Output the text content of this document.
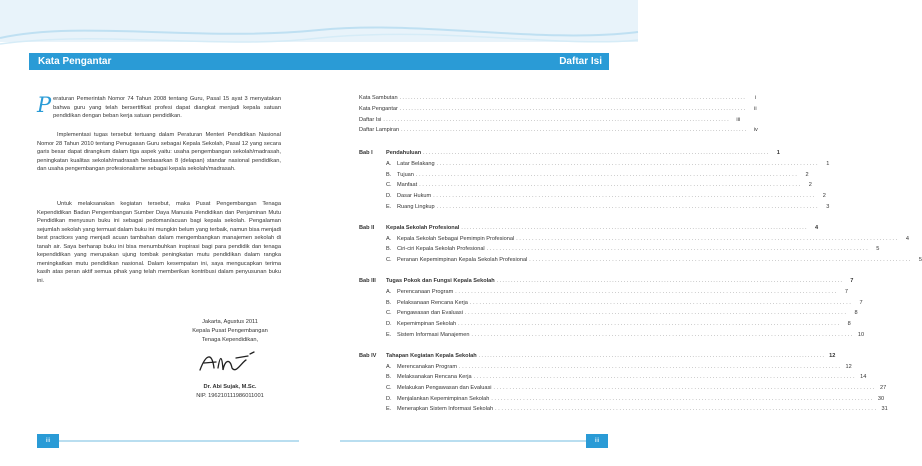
Kata Pengantar	Daftar Isi
P eraturan Pemerintah Nomor 74 Tahun 2008 tentang Guru, Pasal 15 ayat 3 menyatakan bahwa guru yang telah bersertifikat profesi dapat diangkat menjadi kepala satuan pendidikan dengan beban kerja satuan pendidikan.
Implementasi tugas tersebut tertuang dalam Peraturan Menteri Pendidikan Nasional Nomor 28 Tahun 2010 tentang Penugasan Guru sebagai Kepala Sekolah, Pasal 12 yang secara garis besar dapat dirangkum dalam tiga aspek yaitu: usaha pengembangan sekolah/madrasah, peningkatan kualitas sekolah/madrasah berdasarkan 8 (delapan) standar nasional pendidikan, dan usaha pengembangan profesionalisme sebagai kepala sekolah/madrasah.
Untuk melaksanakan kegiatan tersebut, maka Pusat Pengembangan Tenaga Kependidikan Badan Pengembangan Sumber Daya Manusia Pendidikan dan Penjaminan Mutu Pendidikan menyusun buku ini sebagai pedoman/acuan bagi kepala sekolah. Pengalaman sejumlah sekolah yang termuat dalam buku ini mungkin belum yang terbaik, namun bisa menjadi best practices yang menjadi acuan tambahan dalam mengembangkan manajemen sekolah di tanah air. Saya berharap buku ini bisa menumbuhkan inspirasi bagi para pendidik dan tenaga kependidikan yang merupakan ujung tombak peningkatan mutu pendidikan dalam rangka meningkatkan mutu pendidikan nasional. Dalam kesempatan ini, saya mengucapkan terima kasih atas peran aktif semua pihak yang telah memberikan kontribusi dalam penyusunan buku ini.
Jakarta, Agustus 2011
Kepala Pusat Pengembangan
Tenaga Kependidikan,
Dr. Abi Sujak, M.Sc.
NIP. 196210111986011001
iii
Kata Sambutan ........................................................................................................................	i
Kata Pengantar ........................................................................................................................	ii
Daftar Isi ........................................................................................................................	iii
Daftar Lampiran ........................................................................................................................	iv
Bab I	Pendahuluan ........................................................................................................................	1
A.	Latar Belakang ........................................................................................................................	1
B.	Tujuan ........................................................................................................................	2
C. Manfaat ........................................................................................................................	2
D. Dasar Hukum ........................................................................................................................	2
E.	Ruang Lingkup ........................................................................................................................	3
Bab II	Kepala Sekolah Profesional ........................................................................................................................	4
A.	Kepala Sekolah Sebagai Pemimpin Profesional ........................................................................................................................	4
B.	Ciri-ciri Kepala Sekolah Profesional ........................................................................................................................	5
C. Peranan Kepemimpinan Kepala Sekolah Profesional ........................................................................................................................	5
Bab III	Tugas Pokok dan Fungsi Kepala Sekolah ........................................................................................................................	7
A.	Perencanaan Program ........................................................................................................................	7
B.	Pelaksanaan Rencana Kerja ........................................................................................................................	7
C. Pengawasan dan Evaluasi ........................................................................................................................	8
D. Kepemimpinan Sekolah ........................................................................................................................	8
E.	Sistem Informasi Manajemen ........................................................................................................................ 10
Bab IV	Tahapan Kegiatan Kepala Sekolah ........................................................................................................................ 12
A.	Merencanakan Program ........................................................................................................................ 12
B.	Melaksanakan Rencana Kerja ........................................................................................................................ 14
C. Melakukan Pengawasan dan Evaluasi ........................................................................................................................ 27
D. Menjalankan Kepemimpinan Sekolah ........................................................................................................................ 30
E.	Menerapkan Sistem Informasi Sekolah ........................................................................................................................ 31
iii
